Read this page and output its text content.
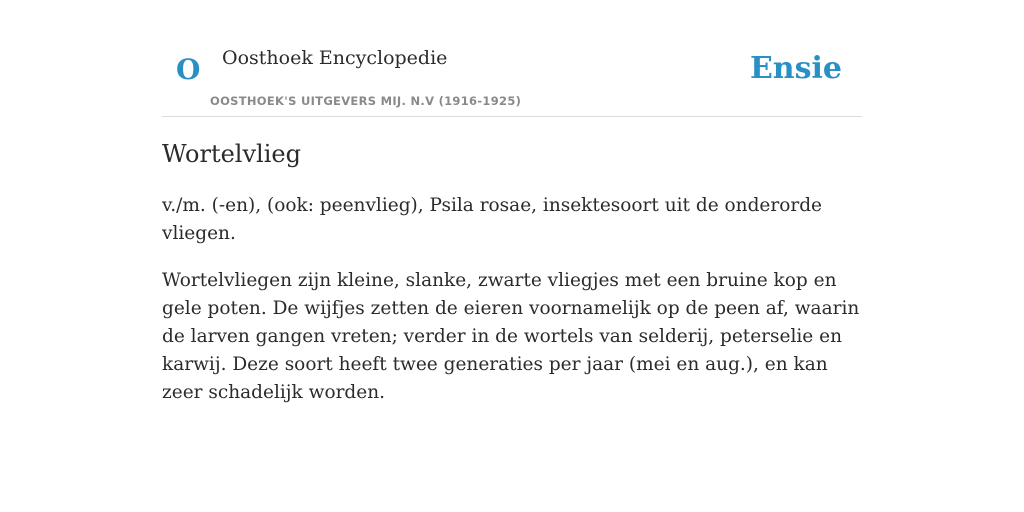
O Oosthoek Encyclopedie
OOSTHOEK'S UITGEVERS MIJ. N.V (1916-1925)
Ensie
Wortelvlieg

v./m. (-en), (ook: peenvlieg), Psila rosae, insektesoort uit de onderorde vliegen.

Wortelvliegen zijn kleine, slanke, zwarte vliegjes met een bruine kop en gele poten. De wijfjes zetten de eieren voornamelijk op de peen af, waarin de larven gangen vreten; verder in de wortels van selderij, peterselie en karwij. Deze soort heeft twee generaties per jaar (mei en aug.), en kan zeer schadelijk worden.
